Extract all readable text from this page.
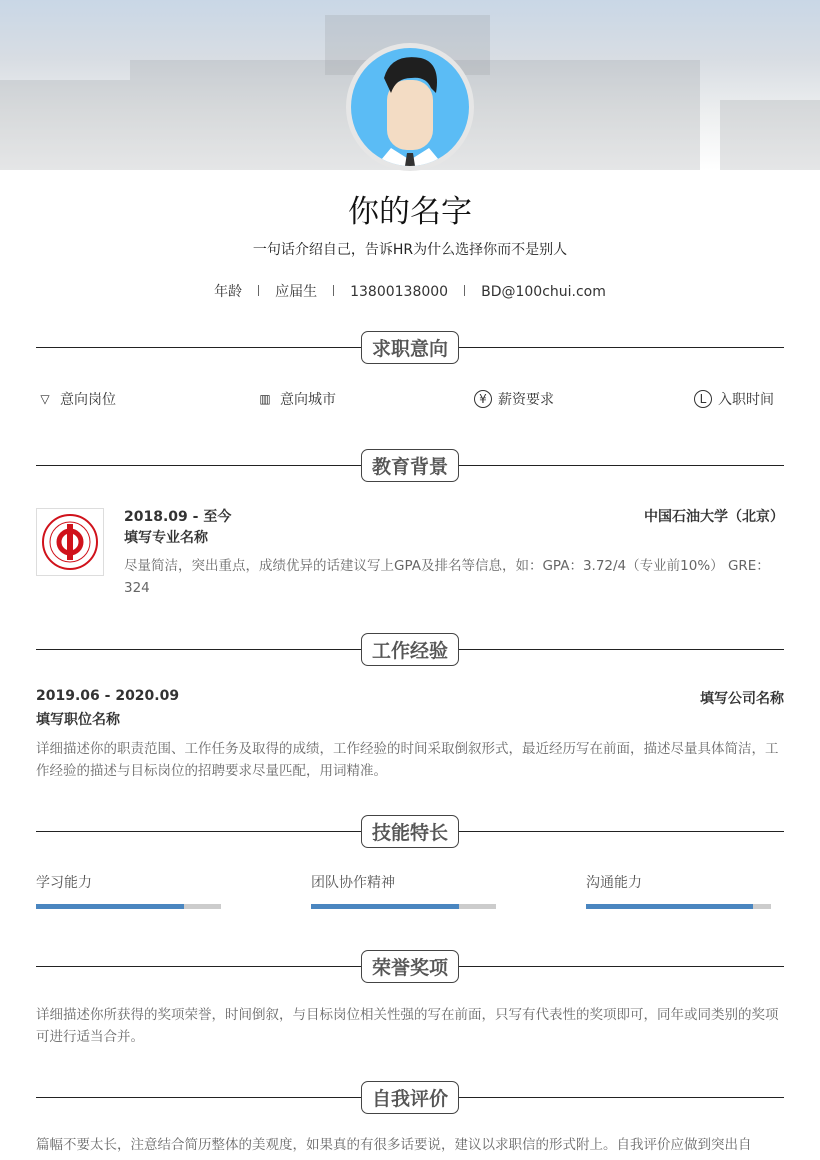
你的名字
一句话介绍自己，告诉HR为什么选择你而不是别人
年龄 应届生 13800138000 BD@100chui.com
求职意向
▽ 意向岗位	▥ 意向城市	¥ 薪资要求	L 入职时间
教育背景
2018.09 - 至今	中国石油大学（北京）
填写专业名称
尽量简洁，突出重点，成绩优异的话建议写上GPA及排名等信息，如：GPA：3.72/4（专业前10%） GRE：324
工作经验
2019.06 - 2020.09	填写公司名称
填写职位名称
详细描述你的职责范围、工作任务及取得的成绩，工作经验的时间采取倒叙形式，最近经历写在前面，描述尽量具体简洁，工作经验的描述与目标岗位的招聘要求尽量匹配，用词精准。
技能特长
学习能力	团队协作精神	沟通能力
荣誉奖项
详细描述你所获得的奖项荣誉，时间倒叙，与目标岗位相关性强的写在前面，只写有代表性的奖项即可，同年或同类别的奖项可进行适当合并。
自我评价
篇幅不要太长，注意结合简历整体的美观度，如果真的有很多话要说，建议以求职信的形式附上。自我评价应做到突出自
